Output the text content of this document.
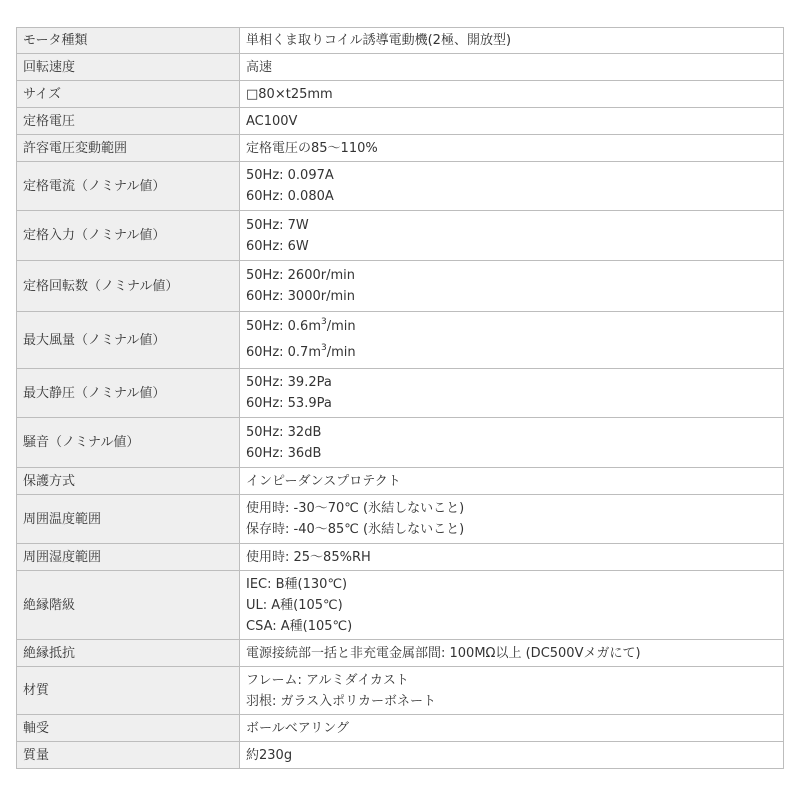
モータ種類	単相くま取りコイル誘導電動機(2極、開放型)

回転速度	高速

サイズ	□80×t25mm

定格電圧	AC100V

許容電圧変動範囲	定格電圧の85～110%

定格電流（ノミナル値）	50Hz: 0.097A
60Hz: 0.080A

定格入力（ノミナル値）	50Hz: 7W
60Hz: 6W

定格回転数（ノミナル値）	50Hz: 2600r/min
60Hz: 3000r/min

最大風量（ノミナル値）	50Hz: $0.6m^3/\min$
60Hz: $0.7m^3/\min$

最大静圧（ノミナル値）	50Hz: 39.2Pa
60Hz: 53.9Pa

騒音（ノミナル値）	50Hz: 32dB
60Hz: 36dB

保護方式	インピーダンスプロテクト

周囲温度範囲	使用時: -30～70℃ (氷結しないこと)
保存時: -40～85℃ (氷結しないこと)

周囲湿度範囲	使用時: 25～85%RH

絶縁階級	IEC: B種(130℃)
UL: A種(105℃)
CSA: A種(105℃)

絶縁抵抗	電源接続部一括と非充電金属部間: 100MΩ以上 (DC500Vメガにて)

材質	フレーム: アルミダイカスト
羽根: ガラス入ポリカーボネート

軸受	ボールベアリング

質量	約230g
